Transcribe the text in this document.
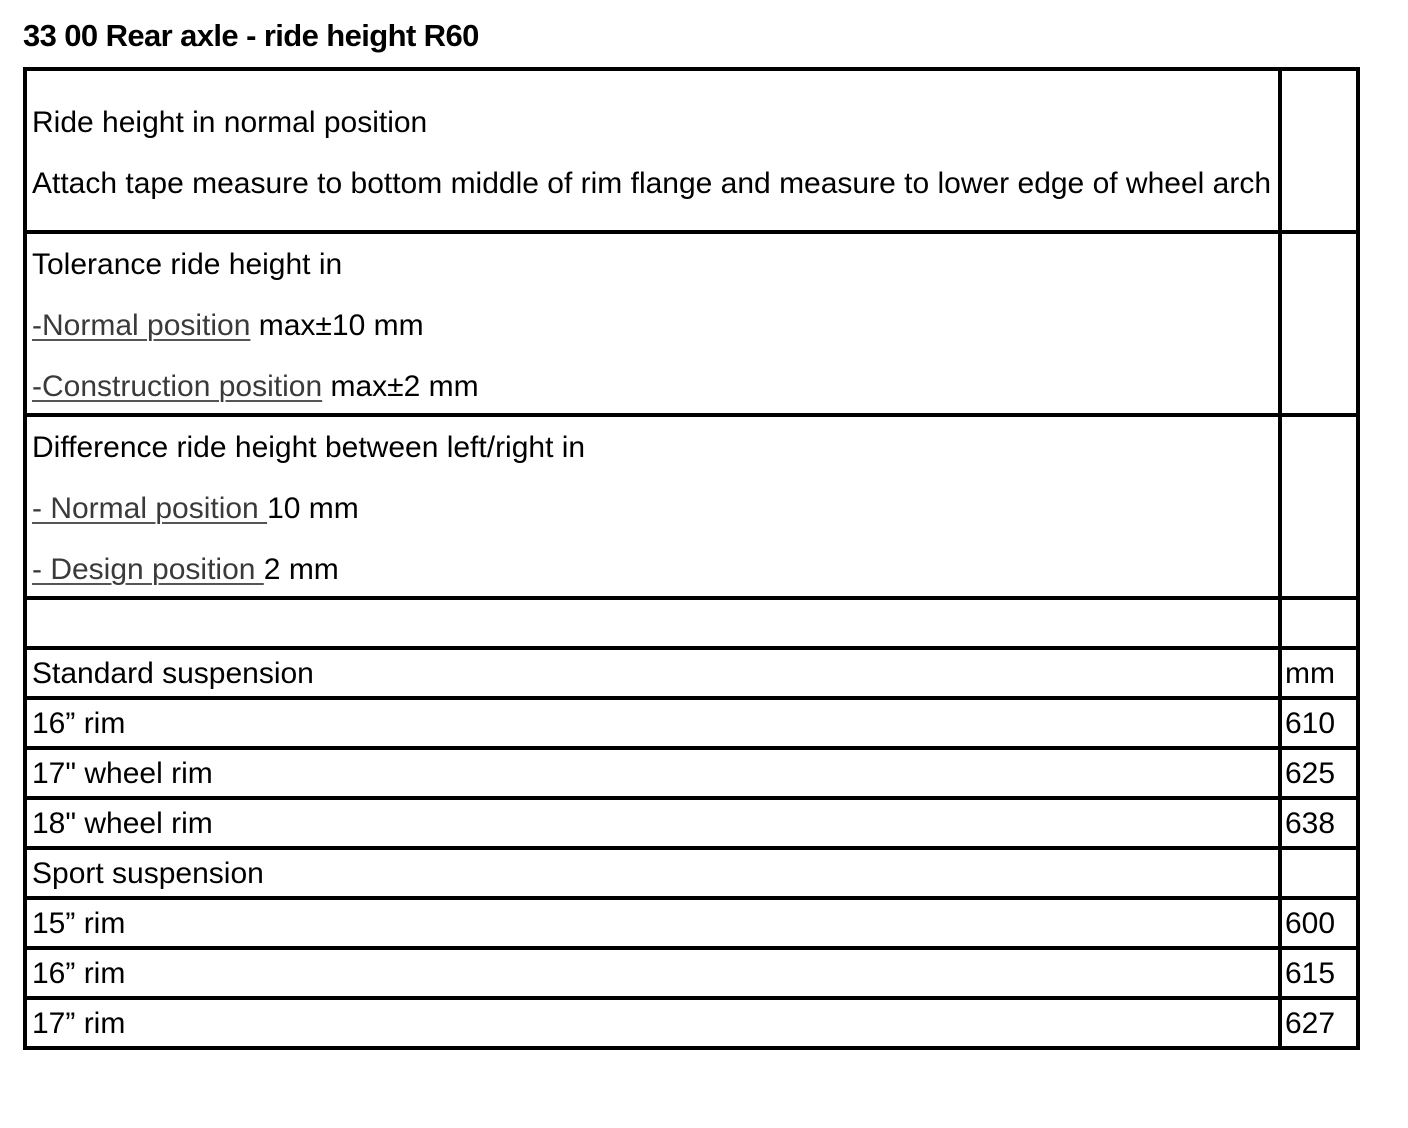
33 00 Rear axle - ride height R60

Ride height in normal position

Attach tape measure to bottom middle of rim flange and measure to lower edge of wheel arch	

Tolerance ride height in

-Normal position max±10 mm

-Construction position max±2 mm	

Difference ride height between left/right in

- Normal position 10 mm

- Design position 2 mm	

Standard suspension	mm
16” rim	610
17" wheel rim	625
18" wheel rim	638
Sport suspension	
15” rim	600
16” rim	615
17” rim	627
